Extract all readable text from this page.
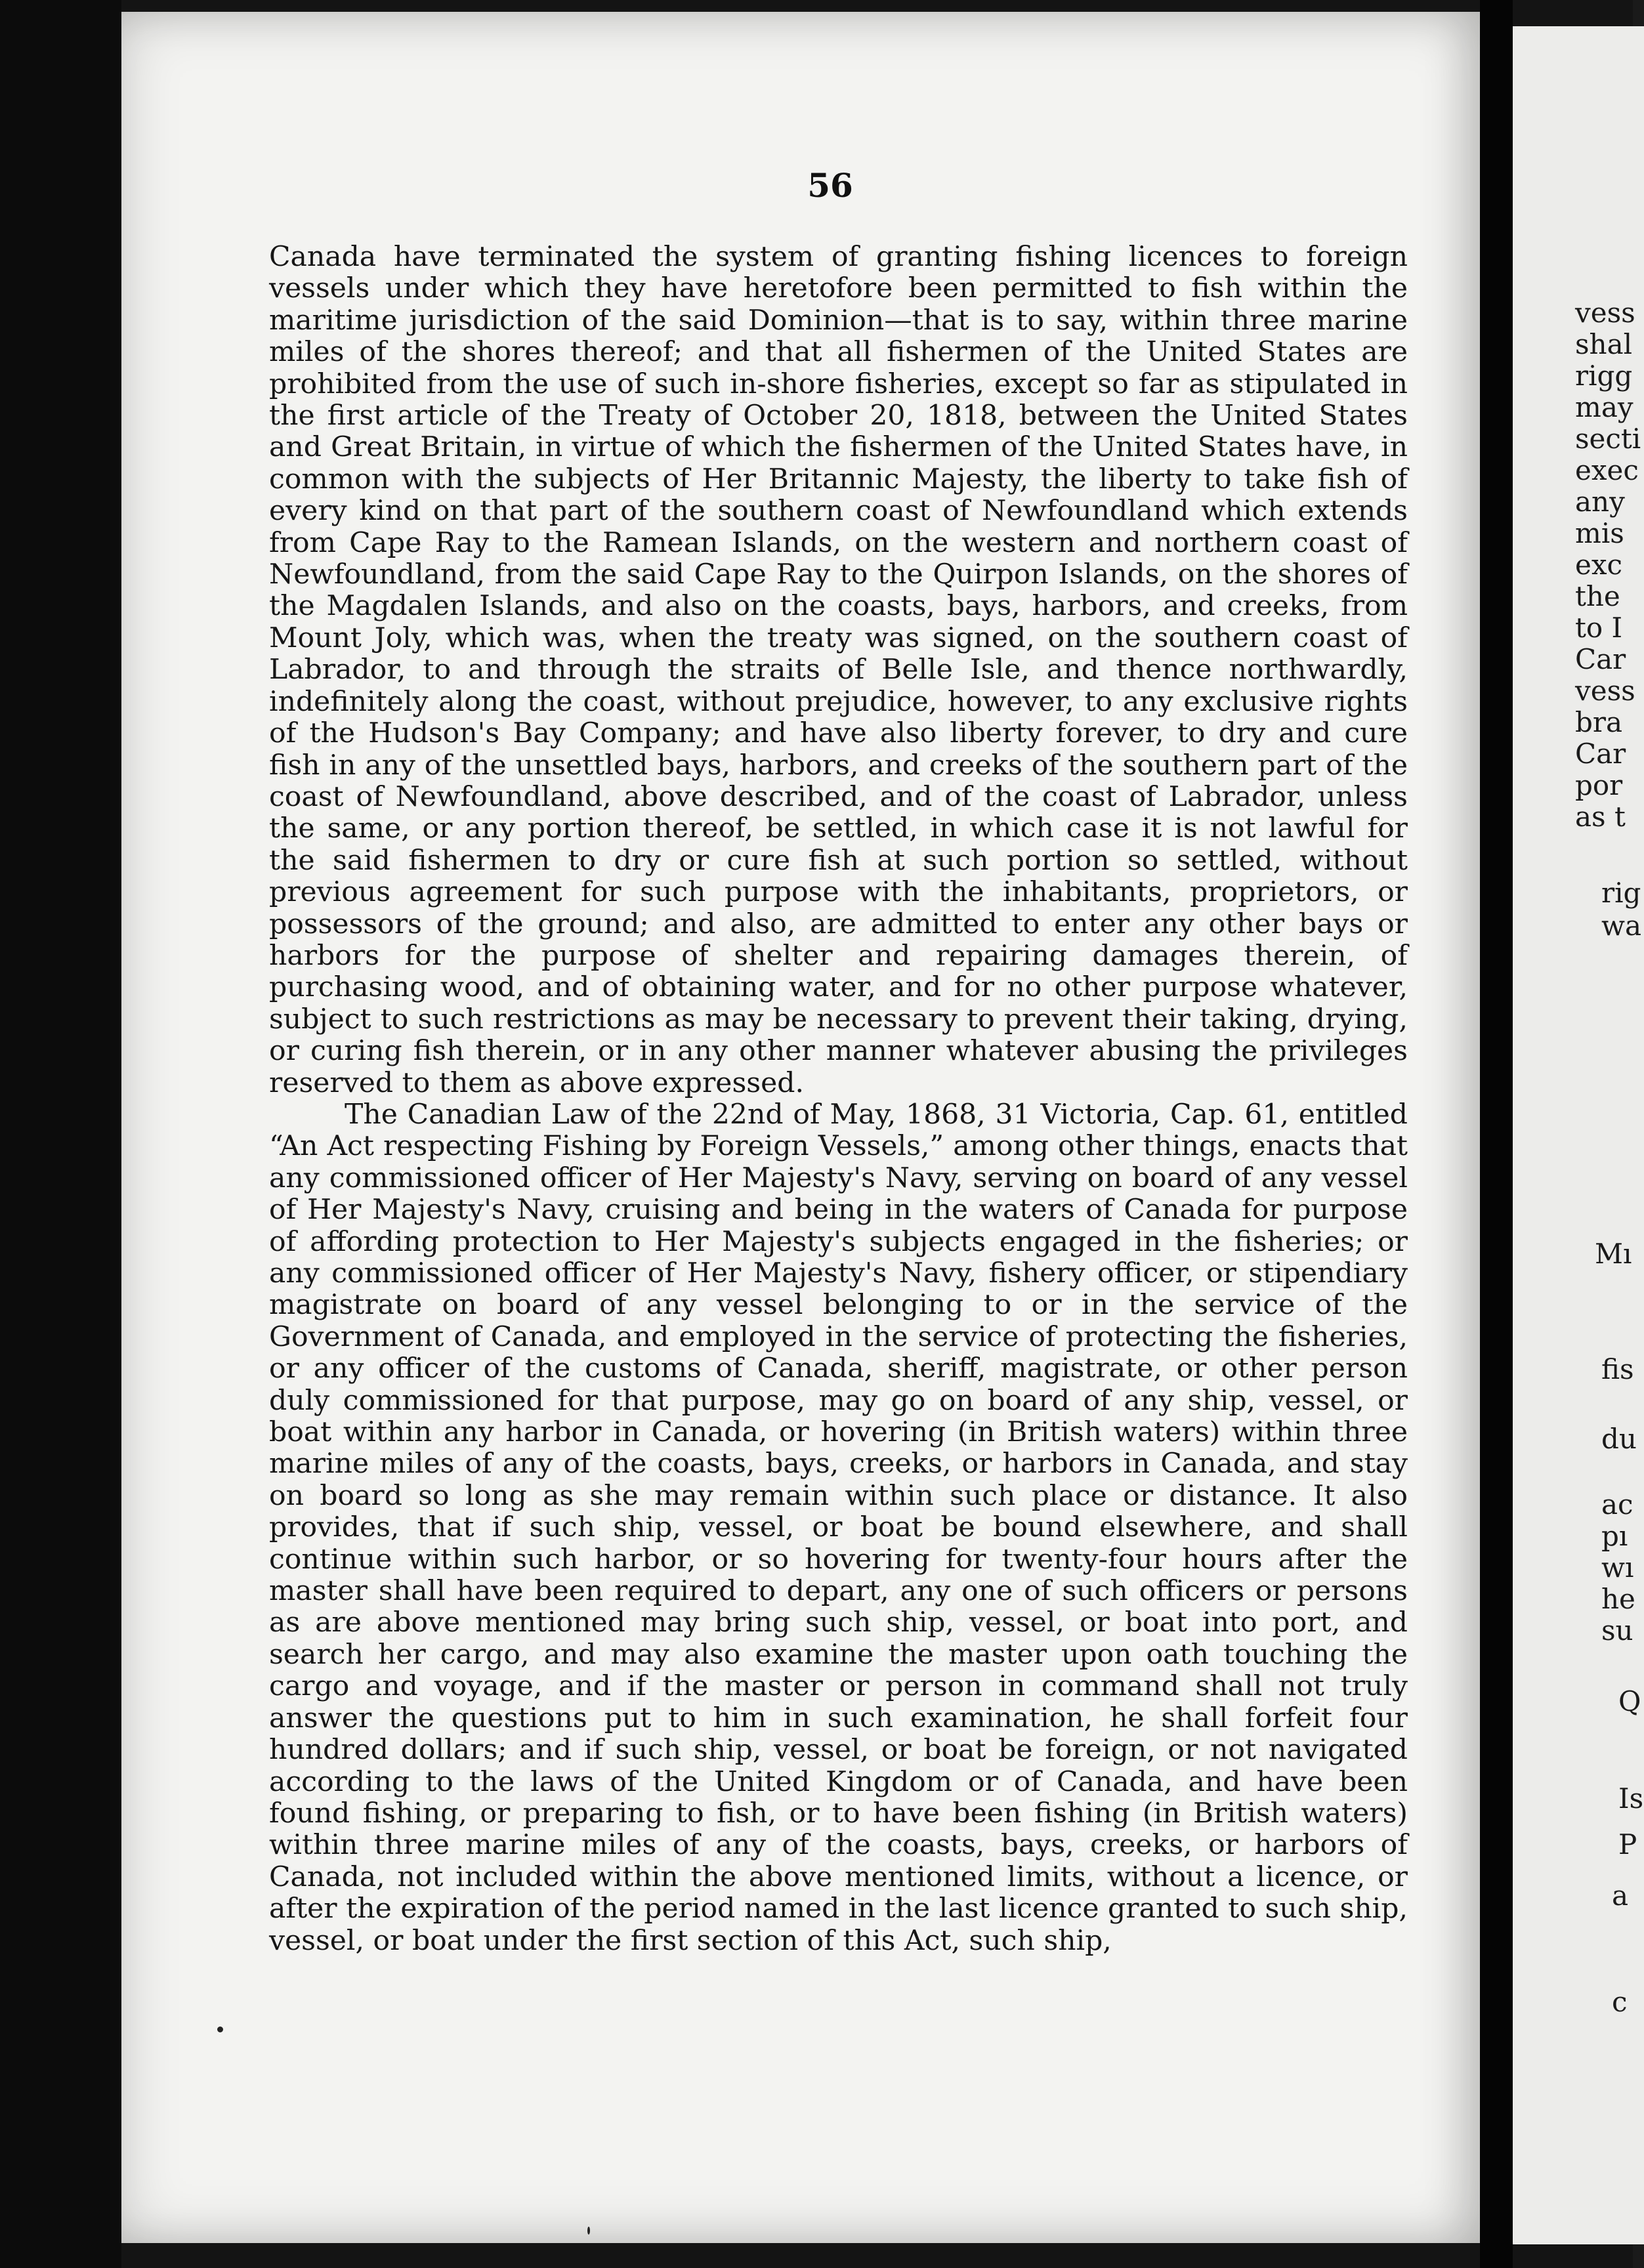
56

Canada have terminated the system of granting fishing licences to foreign vessels under which they have heretofore been permitted to fish within the maritime jurisdiction of the said Dominion—that is to say, within three marine miles of the shores thereof; and that all fishermen of the United States are prohibited from the use of such in-shore fisheries, except so far as stipulated in the first article of the Treaty of October 20, 1818, between the United States and Great Britain, in virtue of which the fishermen of the United States have, in common with the subjects of Her Britannic Majesty, the liberty to take fish of every kind on that part of the southern coast of Newfoundland which extends from Cape Ray to the Ramean Islands, on the western and northern coast of Newfoundland, from the said Cape Ray to the Quirpon Islands, on the shores of the Magdalen Islands, and also on the coasts, bays, harbors, and creeks, from Mount Joly, which was, when the treaty was signed, on the southern coast of Labrador, to and through the straits of Belle Isle, and thence northwardly, indefinitely along the coast, without prejudice, however, to any exclusive rights of the Hudson's Bay Company; and have also liberty forever, to dry and cure fish in any of the unsettled bays, harbors, and creeks of the southern part of the coast of Newfoundland, above described, and of the coast of Labrador, unless the same, or any portion thereof, be settled, in which case it is not lawful for the said fishermen to dry or cure fish at such portion so settled, without previous agreement for such purpose with the inhabitants, proprietors, or possessors of the ground; and also, are admitted to enter any other bays or harbors for the purpose of shelter and repairing damages therein, of purchasing wood, and of obtaining water, and for no other purpose whatever, subject to such restrictions as may be necessary to prevent their taking, drying, or curing fish therein, or in any other manner whatever abusing the privileges reserved to them as above expressed.

The Canadian Law of the 22nd of May, 1868, 31 Victoria, Cap. 61, entitled “An Act respecting Fishing by Foreign Vessels,” among other things, enacts that any commissioned officer of Her Majesty's Navy, serving on board of any vessel of Her Majesty's Navy, cruising and being in the waters of Canada for purpose of affording protection to Her Majesty's subjects engaged in the fisheries; or any commissioned officer of Her Majesty's Navy, fishery officer, or stipendiary magistrate on board of any vessel belonging to or in the service of the Government of Canada, and employed in the service of protecting the fisheries, or any officer of the customs of Canada, sheriff, magistrate, or other person duly commissioned for that purpose, may go on board of any ship, vessel, or boat within any harbor in Canada, or hovering (in British waters) within three marine miles of any of the coasts, bays, creeks, or harbors in Canada, and stay on board so long as she may remain within such place or distance. It also provides, that if such ship, vessel, or boat be bound elsewhere, and shall continue within such harbor, or so hovering for twenty-four hours after the master shall have been required to depart, any one of such officers or persons as are above mentioned may bring such ship, vessel, or boat into port, and search her cargo, and may also examine the master upon oath touching the cargo and voyage, and if the master or person in command shall not truly answer the questions put to him in such examination, he shall forfeit four hundred dollars; and if such ship, vessel, or boat be foreign, or not navigated according to the laws of the United Kingdom or of Canada, and have been found fishing, or preparing to fish, or to have been fishing (in British waters) within three marine miles of any of the coasts, bays, creeks, or harbors of Canada, not included within the above mentioned limits, without a licence, or after the expiration of the period named in the last licence granted to such ship, vessel, or boat under the first section of this Act, such ship,

vess
shal
rigg
may
secti
exec
any
mis
exc
the
to I
Car
vess
bra
Car
por
as t
rig
wa
Mı
fis
du
ac
pı
wı
he
su
Q
Is
P
a
c
